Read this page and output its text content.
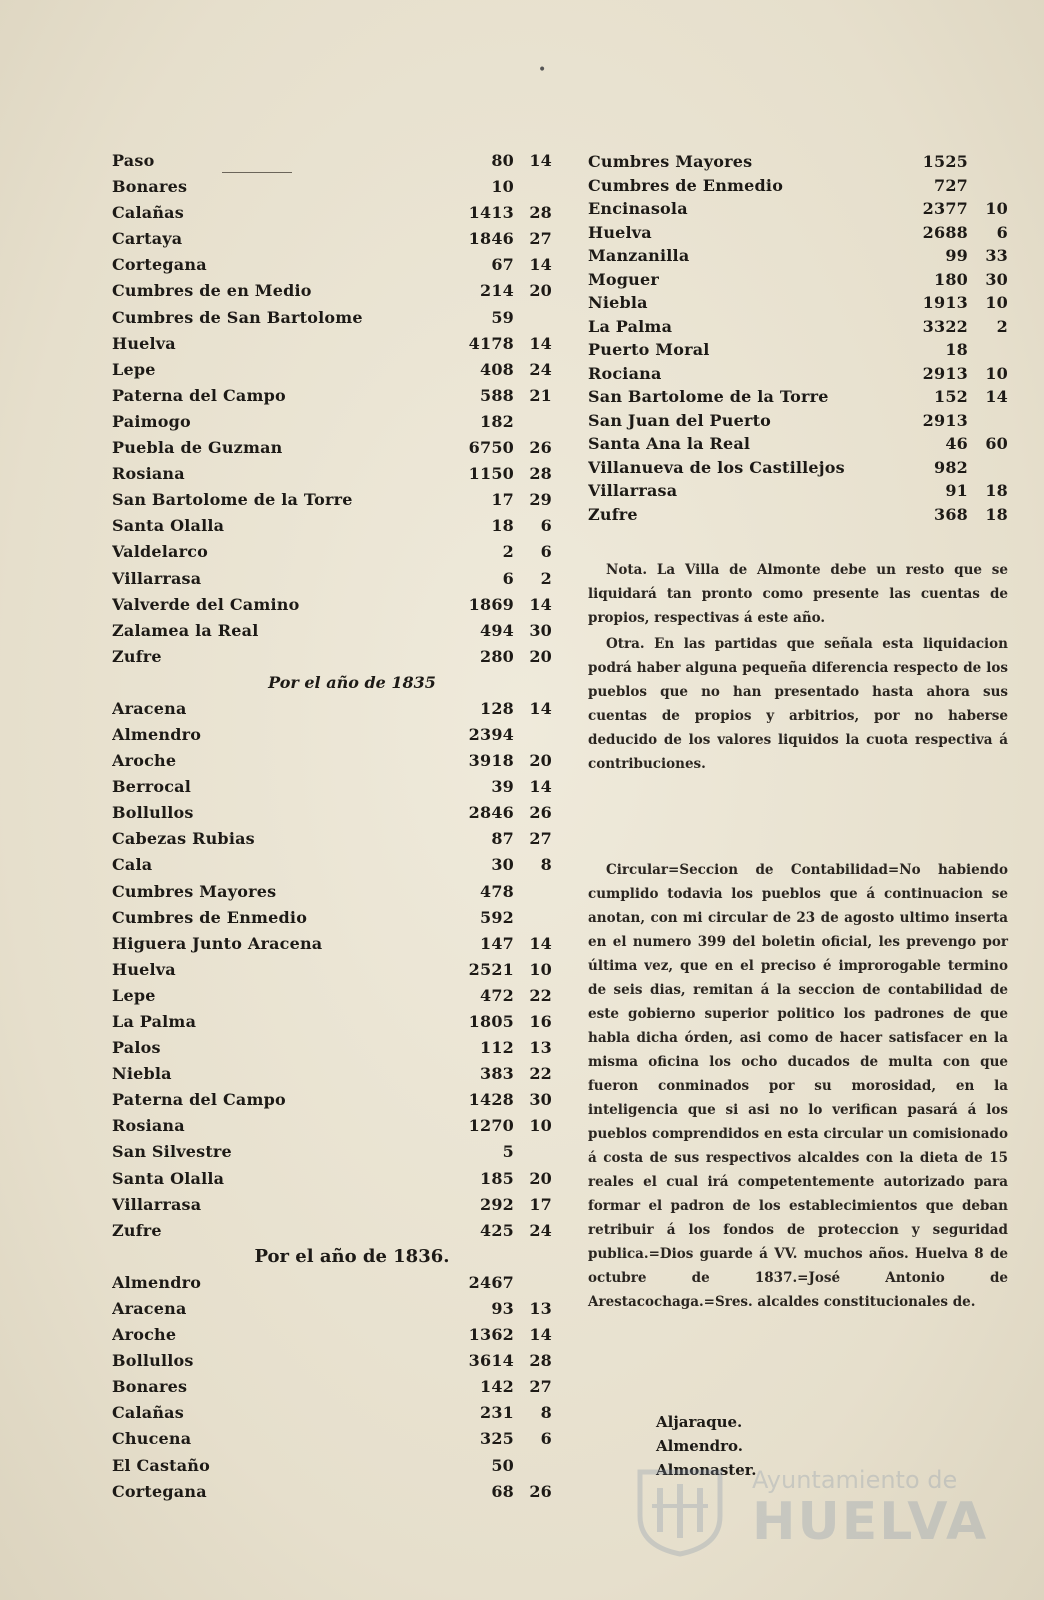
•
Paso	80 14
Bonares	10
Calañas	1413 28
Cartaya	1846 27
Cortegana	67 14
Cumbres de en Medio	214 20
Cumbres de San Bartolome	59
Huelva	4178 14
Lepe	408 24
Paterna del Campo	588 21
Paimogo	182
Puebla de Guzman	6750 26
Rosiana	1150 28
San Bartolome de la Torre	17 29
Santa Olalla	18	6
Valdelarco	2	6
Villarrasa	6	2
Valverde del Camino	1869 14
Zalamea la Real	494 30
Zufre	280 20
Por el año de 1835
Aracena	128 14
Almendro	2394
Aroche	3918 20
Berrocal	39 14
Bollullos	2846 26
Cabezas Rubias	87 27
Cala	30	8
Cumbres Mayores	478
Cumbres de Enmedio	592
Higuera Junto Aracena	147 14
Huelva	2521 10
Lepe	472 22
La Palma	1805 16
Palos	112 13
Niebla	383 22
Paterna del Campo	1428 30
Rosiana	1270 10
San Silvestre	5
Santa Olalla	185 20
Villarrasa	292 17
Zufre	425 24
Por el año de 1836.
Almendro	2467
Aracena	93 13
Aroche	1362 14
Bollullos	3614 28
Bonares	142 27
Calañas	231	8
Chucena	325	6
El Castaño	50
Cortegana	68 26
Cumbres Mayores	1525
Cumbres de Enmedio	727
Encinasola	2377	10
Huelva	2688	6
Manzanilla	99	33
Moguer	180	30
Niebla	1913	10
La Palma	3322	2
Puerto Moral	18
Rociana	2913	10
San Bartolome de la Torre	152	14
San Juan del Puerto	2913
Santa Ana la Real	46	60
Villanueva de los Castillejos	982
Villarrasa	91	18
Zufre	368	18

Nota. La Villa de Almonte debe un resto que se liquidará tan pronto como presente las cuentas de propios, respectivas á este año.

Otra. En las partidas que señala esta liquidacion podrá haber alguna pequeña diferencia respecto de los pueblos que no han presentado hasta ahora sus cuentas de propios y arbitrios, por no haberse deducido de los valores liquidos la cuota respectiva á contribuciones.

Circular=Seccion de Contabilidad=No habiendo cumplido todavia los pueblos que á continuacion se anotan, con mi circular de 23 de agosto ultimo inserta en el numero 399 del boletin oficial, les prevengo por última vez, que en el preciso é improrogable termino de seis dias, remitan á la seccion de contabilidad de este gobierno superior politico los padrones de que habla dicha órden, asi como de hacer satisfacer en la misma oficina los ocho ducados de multa con que fueron conminados por su morosidad, en la inteligencia que si asi no lo verifican pasará á los pueblos comprendidos en esta circular un comisionado á costa de sus respectivos alcaldes con la dieta de 15 reales el cual irá competentemente autorizado para formar el padron de los establecimientos que deban retribuir á los fondos de proteccion y seguridad publica.=Dios guarde á VV. muchos años. Huelva 8 de octubre de 1837.=José Antonio de Arestacochaga.=Sres. alcaldes constitucionales de.

Aljaraque.
Almendro.
Almonaster.
Ayuntamiento de
HUELVA
